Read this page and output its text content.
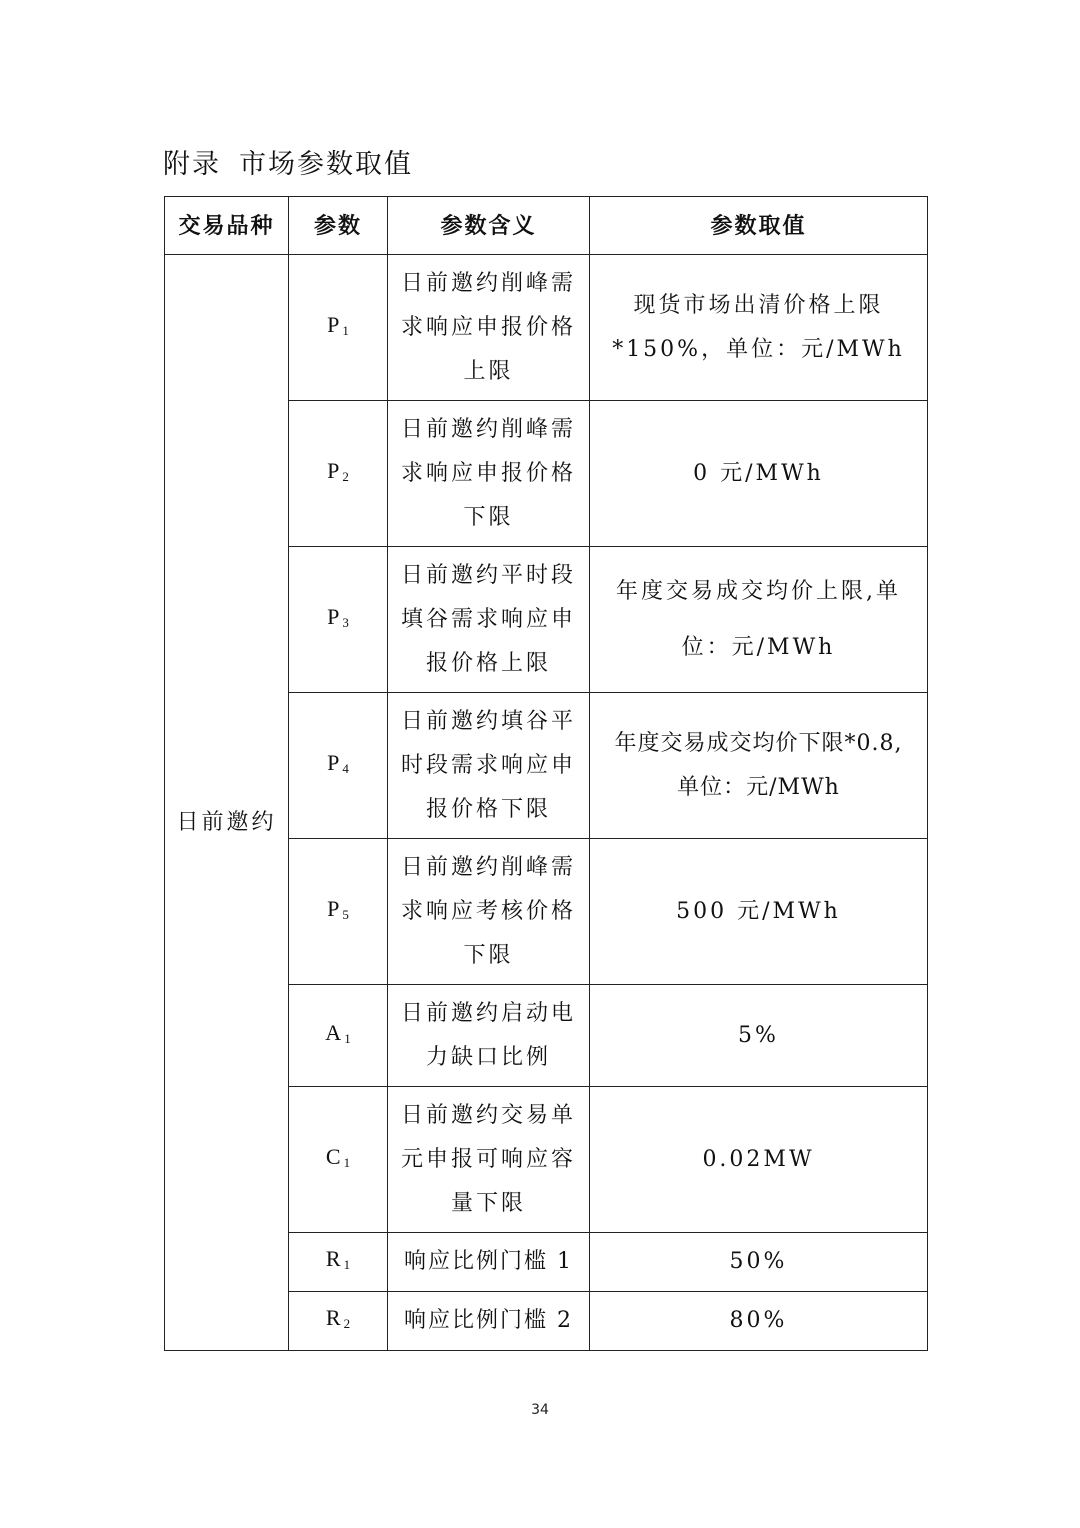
附录 市场参数取值
交易品种	参数	参数含义	参数取值
日前邀约	$P_1$	日前邀约削峰需求响应申报价格上限	现货市场出清价格上限
*150%，单位：元/MWh

	$P_2$	日前邀约削峰需求响应申报价格下限	0 元/MWh

	$P_3$	日前邀约平时段填谷需求响应申报价格上限	年度交易成交均价上限,单
位：元/MWh

	$P_4$	日前邀约填谷平时段需求响应申报价格下限	年度交易成交均价下限*0.8,
单位：元/MWh

	$P_5$	日前邀约削峰需求响应考核价格下限	500 元/MWh

	$A_1$	日前邀约启动电力缺口比例	5%

	$C_1$	日前邀约交易单元申报可响应容量下限	0.02MW

	$R_1$	响应比例门槛 1	50%

	$R_2$	响应比例门槛 2	80%
34
